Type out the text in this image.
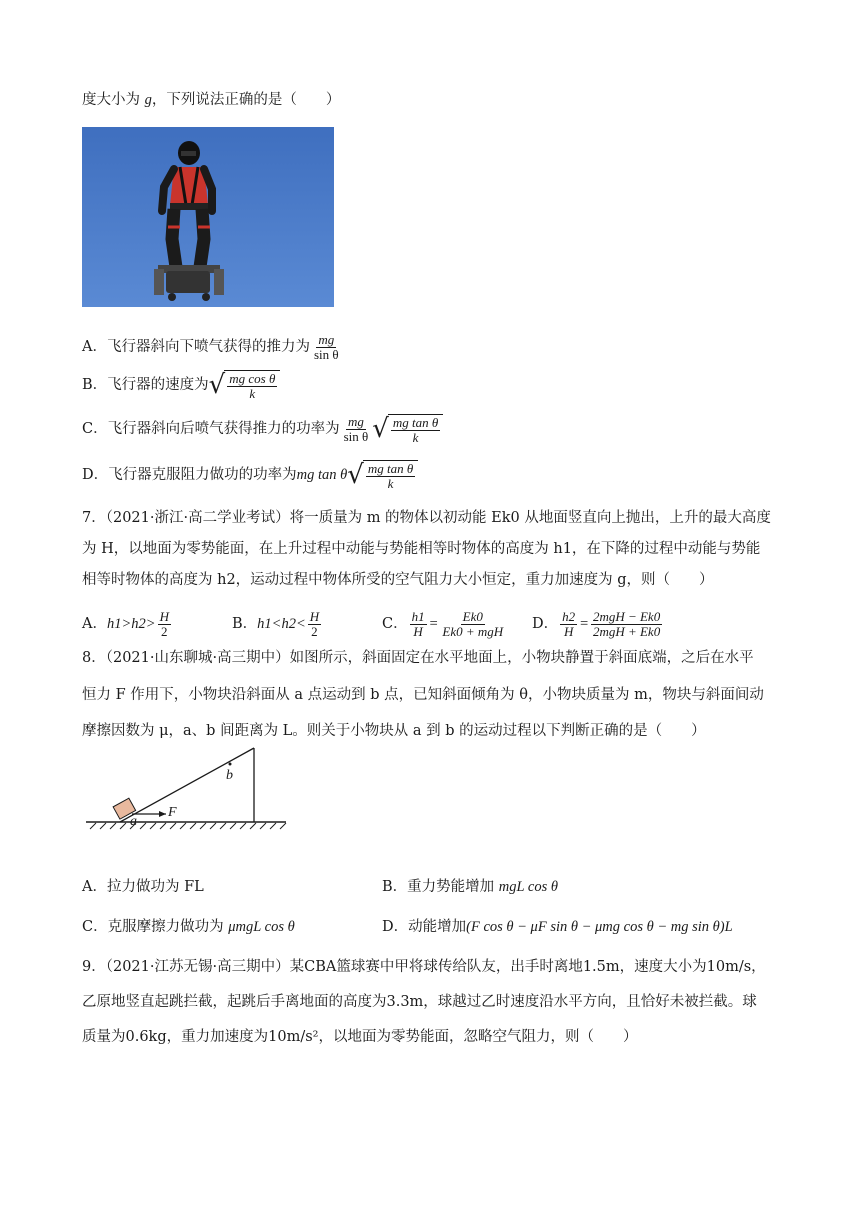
度大小为 g，下列说法正确的是（　　）
A．飞行器斜向下喷气获得的推力为 $\frac{mg}{\text{sin θ}}$
B．飞行器的速度为 √ $\frac{\text{mg cos θ}}{k}$
C．飞行器斜向后喷气获得推力的功率为 $\frac{mg}{\text{sin θ}}$ √ $\frac{\text{mg tan θ}}{k}$
D．飞行器克服阻力做功的功率为mg tan θ √ $\frac{\text{mg tan θ}}{k}$
7．（2021·浙江·高二学业考试）将一质量为 m 的物体以初动能 Ek0 从地面竖直向上抛出，上升的最大高度
为 H，以地面为零势能面，在上升过程中动能与势能相等时物体的高度为 h1，在下降的过程中动能与势能
相等时物体的高度为 h2，运动过程中物体所受的空气阻力大小恒定，重力加速度为 g，则（　　）
A．$h1>h2> \frac{H}{2}$	B．$h1<h2< \frac{H}{2}$	C． $\frac{h1}{H} = \frac{Ek0}{\text{Ek0 + mgH}}$ D． $\frac{h2}{H} = \frac{\text{2mgH − Ek0}}{\text{2mgH + Ek0}}$
8．（2021·山东聊城·高三期中）如图所示，斜面固定在水平地面上，小物块静置于斜面底端，之后在水平
恒力 F 作用下，小物块沿斜面从 a 点运动到 b 点，已知斜面倾角为 θ，小物块质量为 m，物块与斜面间动
摩擦因数为 μ，a、b 间距离为 L。则关于小物块从 a 到 b 的运动过程以下判断正确的是（　　）
F
a
b
A．拉力做功为 FL	B．重力势能增加 mgL cos θ
C．克服摩擦力做功为 μmgL cos θ	D．动能增加(F cos θ − μF sin θ − μmg cos θ − mg sin θ)L
9．（2021·江苏无锡·高三期中）某CBA篮球赛中甲将球传给队友，出手时离地1.5m，速度大小为10m/s，
乙原地竖直起跳拦截，起跳后手离地面的高度为3.3m，球越过乙时速度沿水平方向，且恰好未被拦截。球
质量为0.6kg，重力加速度为10m/s²，以地面为零势能面，忽略空气阻力，则（　　）
